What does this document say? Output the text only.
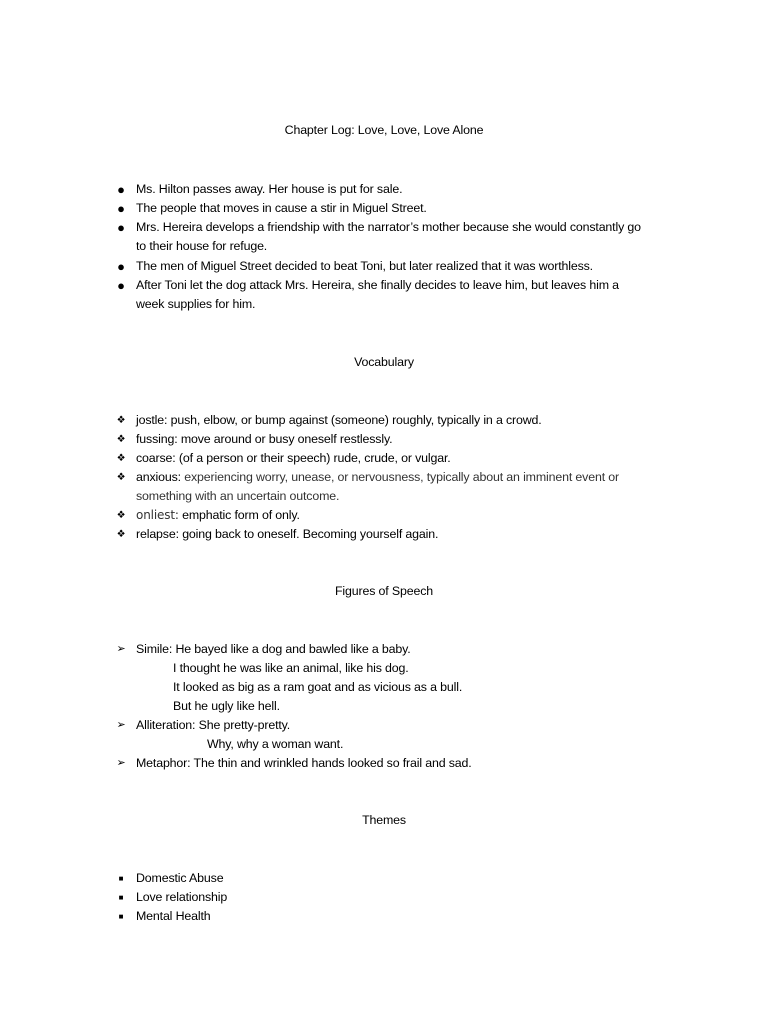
Chapter Log: Love, Love, Love Alone
● Ms. Hilton passes away. Her house is put for sale.
● The people that moves in cause a stir in Miguel Street.
● Mrs. Hereira develops a friendship with the narrator’s mother because she would constantly go
to their house for refuge.
● The men of Miguel Street decided to beat Toni, but later realized that it was worthless.
● After Toni let the dog attack Mrs. Hereira, she finally decides to leave him, but leaves him a
week supplies for him.
Vocabulary
❖ jostle: push, elbow, or bump against (someone) roughly, typically in a crowd.
❖ fussing: move around or busy oneself restlessly.
❖ coarse: (of a person or their speech) rude, crude, or vulgar.
❖ anxious: experiencing worry, unease, or nervousness, typically about an imminent event or
something with an uncertain outcome.
❖ onliest: emphatic form of only.
❖ relapse: going back to oneself. Becoming yourself again.
Figures of Speech
➢ Simile: He bayed like a dog and bawled like a baby.
I thought he was like an animal, like his dog.
It looked as big as a ram goat and as vicious as a bull.
But he ugly like hell.
➢ Alliteration: She pretty-pretty.
Why, why a woman want.
➢ Metaphor: The thin and wrinkled hands looked so frail and sad.
Themes
■	Domestic Abuse
■	Love relationship
■	Mental Health
